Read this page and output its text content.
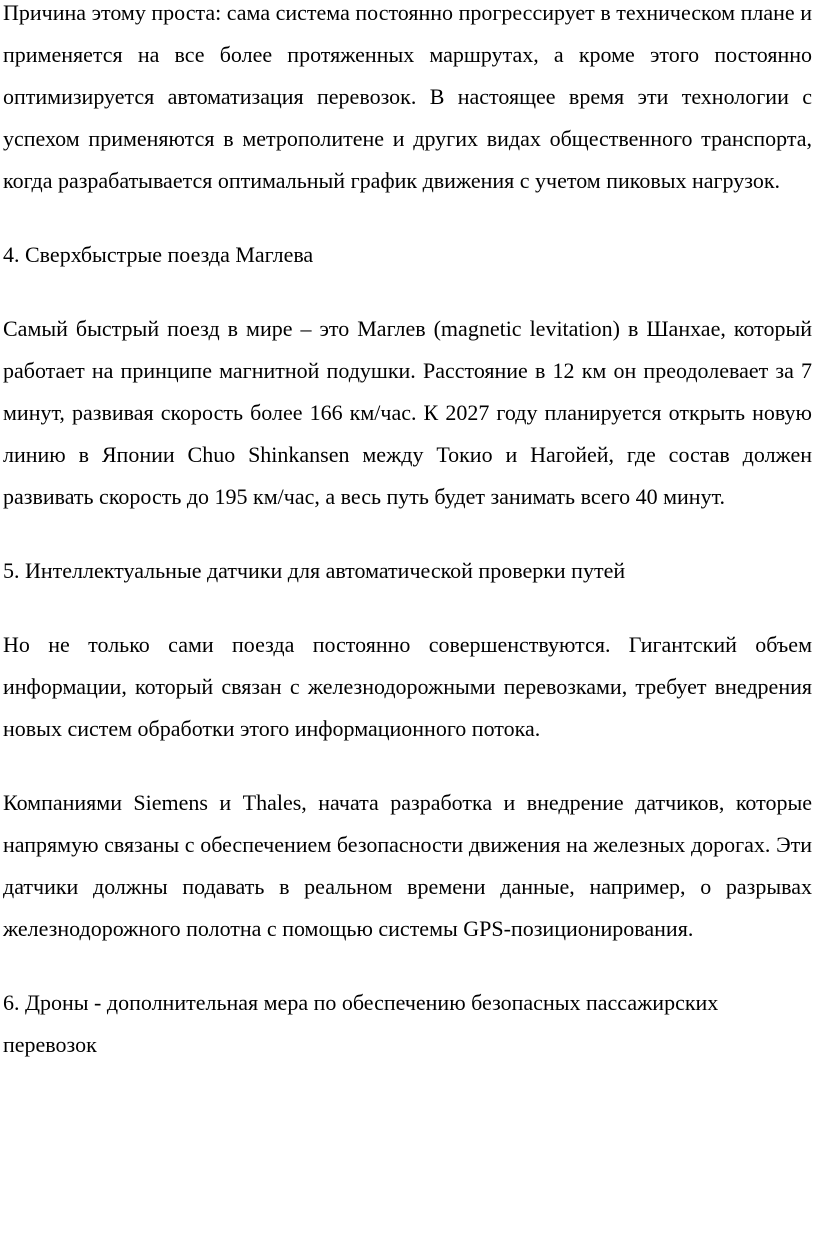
Причина этому проста: сама система постоянно прогрессирует в техническом плане и применяется на все более протяженных маршрутах, а кроме этого постоянно оптимизируется автоматизация перевозок. В настоящее время эти технологии с успехом применяются в метрополитене и других видах общественного транспорта, когда разрабатывается оптимальный график движения с учетом пиковых нагрузок.

4. Сверхбыстрые поезда Маглева

Самый быстрый поезд в мире – это Маглев (magnetic levitation) в Шанхае, который работает на принципе магнитной подушки. Расстояние в 12 км он преодолевает за 7 минут, развивая скорость более 166 км/час. К 2027 году планируется открыть новую линию в Японии Chuo Shinkansen между Токио и Нагойей, где состав должен развивать скорость до 195 км/час, а весь путь будет занимать всего 40 минут.

5. Интеллектуальные датчики для автоматической проверки путей

Но не только сами поезда постоянно совершенствуются. Гигантский объем информации, который связан с железнодорожными перевозками, требует внедрения новых систем обработки этого информационного потока.

Компаниями Siemens и Thales, начата разработка и внедрение датчиков, которые напрямую связаны с обеспечением безопасности движения на железных дорогах. Эти датчики должны подавать в реальном времени данные, например, о разрывах железнодорожного полотна с помощью системы GPS-позиционирования.

6. Дроны - дополнительная мера по обеспечению безопасных пассажирских перевозок
